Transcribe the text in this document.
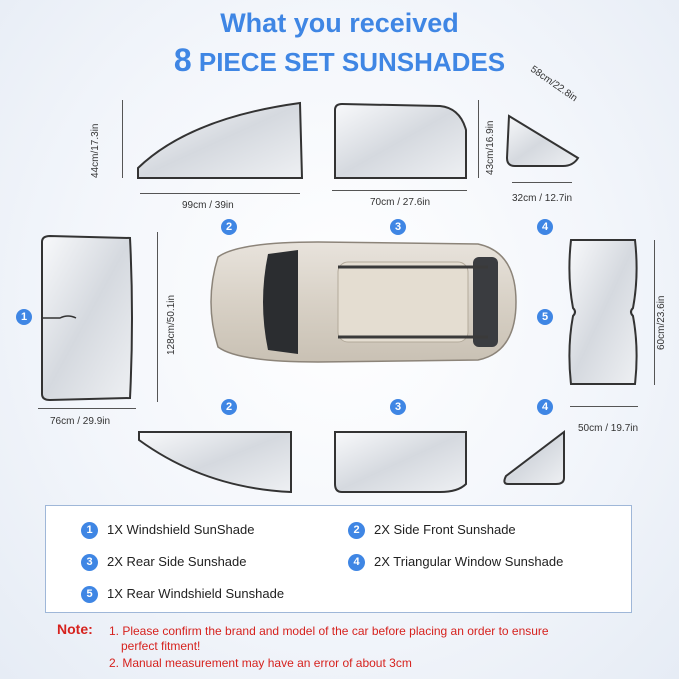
What you received
8 PIECE SET SUNSHADES
44cm/17.3in
99cm / 39in
43cm/16.9in
70cm / 27.6in
58cm/22.8in
32cm / 12.7in
1	128cm/50.1in
76cm / 29.9in
5	60cm/23.6in
50cm / 19.7in
2	3	4
2	3	4
1 1X Windshield SunShade	2 2X Side Front Sunshade
3 2X Rear Side Sunshade	4 2X Triangular Window Sunshade
5 1X Rear Windshield Sunshade
Note: 1. Please confirm the brand and model of the car before placing an order to ensure
perfect fitment!
2. Manual measurement may have an error of about 3cm
